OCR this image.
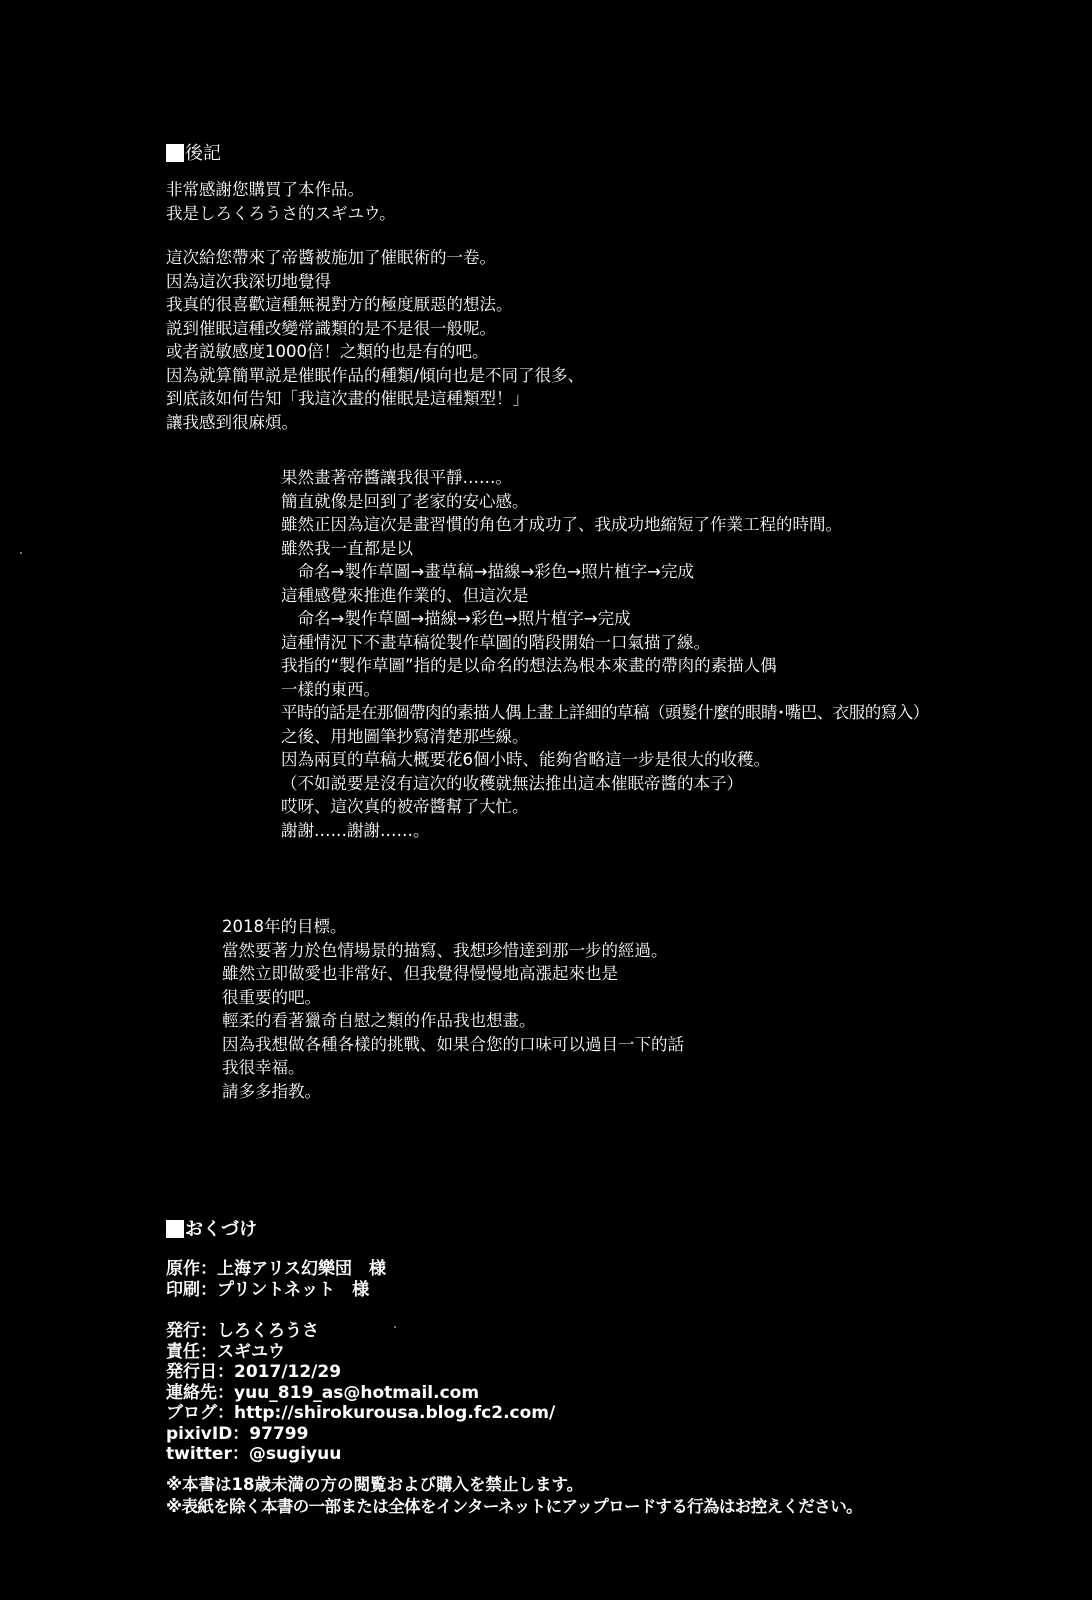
後記
非常感謝您購買了本作品。
我是しろくろうさ的スギユウ。
這次給您帶來了帝醬被施加了催眠術的一卷。
因為這次我深切地覺得
我真的很喜歡這種無視對方的極度厭惡的想法。
説到催眠這種改變常識類的是不是很一般呢。
或者説敏感度1000倍！之類的也是有的吧。
因為就算簡單説是催眠作品的種類/傾向也是不同了很多、
到底該如何告知「我這次畫的催眠是這種類型！」
讓我感到很麻煩。
果然畫著帝醬讓我很平靜……。
簡直就像是回到了老家的安心感。
雖然正因為這次是畫習慣的角色才成功了、我成功地縮短了作業工程的時間。
雖然我一直都是以
　命名→製作草圖→畫草稿→描線→彩色→照片植字→完成
這種感覺來推進作業的、但這次是
　命名→製作草圖→描線→彩色→照片植字→完成
這種情況下不畫草稿從製作草圖的階段開始一口氣描了線。
我指的“製作草圖”指的是以命名的想法為根本來畫的帶肉的素描人偶
一樣的東西。
平時的話是在那個帶肉的素描人偶上畫上詳細的草稿（頭髮什麼的眼睛･嘴巴、衣服的寫入）
之後、用地圖筆抄寫清楚那些線。
因為兩頁的草稿大概要花6個小時、能夠省略這一步是很大的收穫。
（不如説要是沒有這次的收穫就無法推出這本催眠帝醬的本子）
哎呀、這次真的被帝醬幫了大忙。
謝謝……謝謝……。
2018年的目標。
當然要著力於色情場景的描寫、我想珍惜達到那一步的經過。
雖然立即做愛也非常好、但我覺得慢慢地高漲起來也是
很重要的吧。
輕柔的看著獵奇自慰之類的作品我也想畫。
因為我想做各種各樣的挑戰、如果合您的口味可以過目一下的話
我很幸福。
請多多指教。
おくづけ
原作：上海アリス幻樂団　様
印刷：プリントネット　様
発行：しろくろうさ
責任：スギユウ
発行日：2017/12/29
連絡先：yuu_819_as@hotmail.com
ブログ：http://shirokurousa.blog.fc2.com/
pixivID：97799
twitter：@sugiyuu
※本書は18歳未満の方の閲覧および購入を禁止します。
※表紙を除く本書の一部または全体をインターネットにアップロードする行為はお控えください。
